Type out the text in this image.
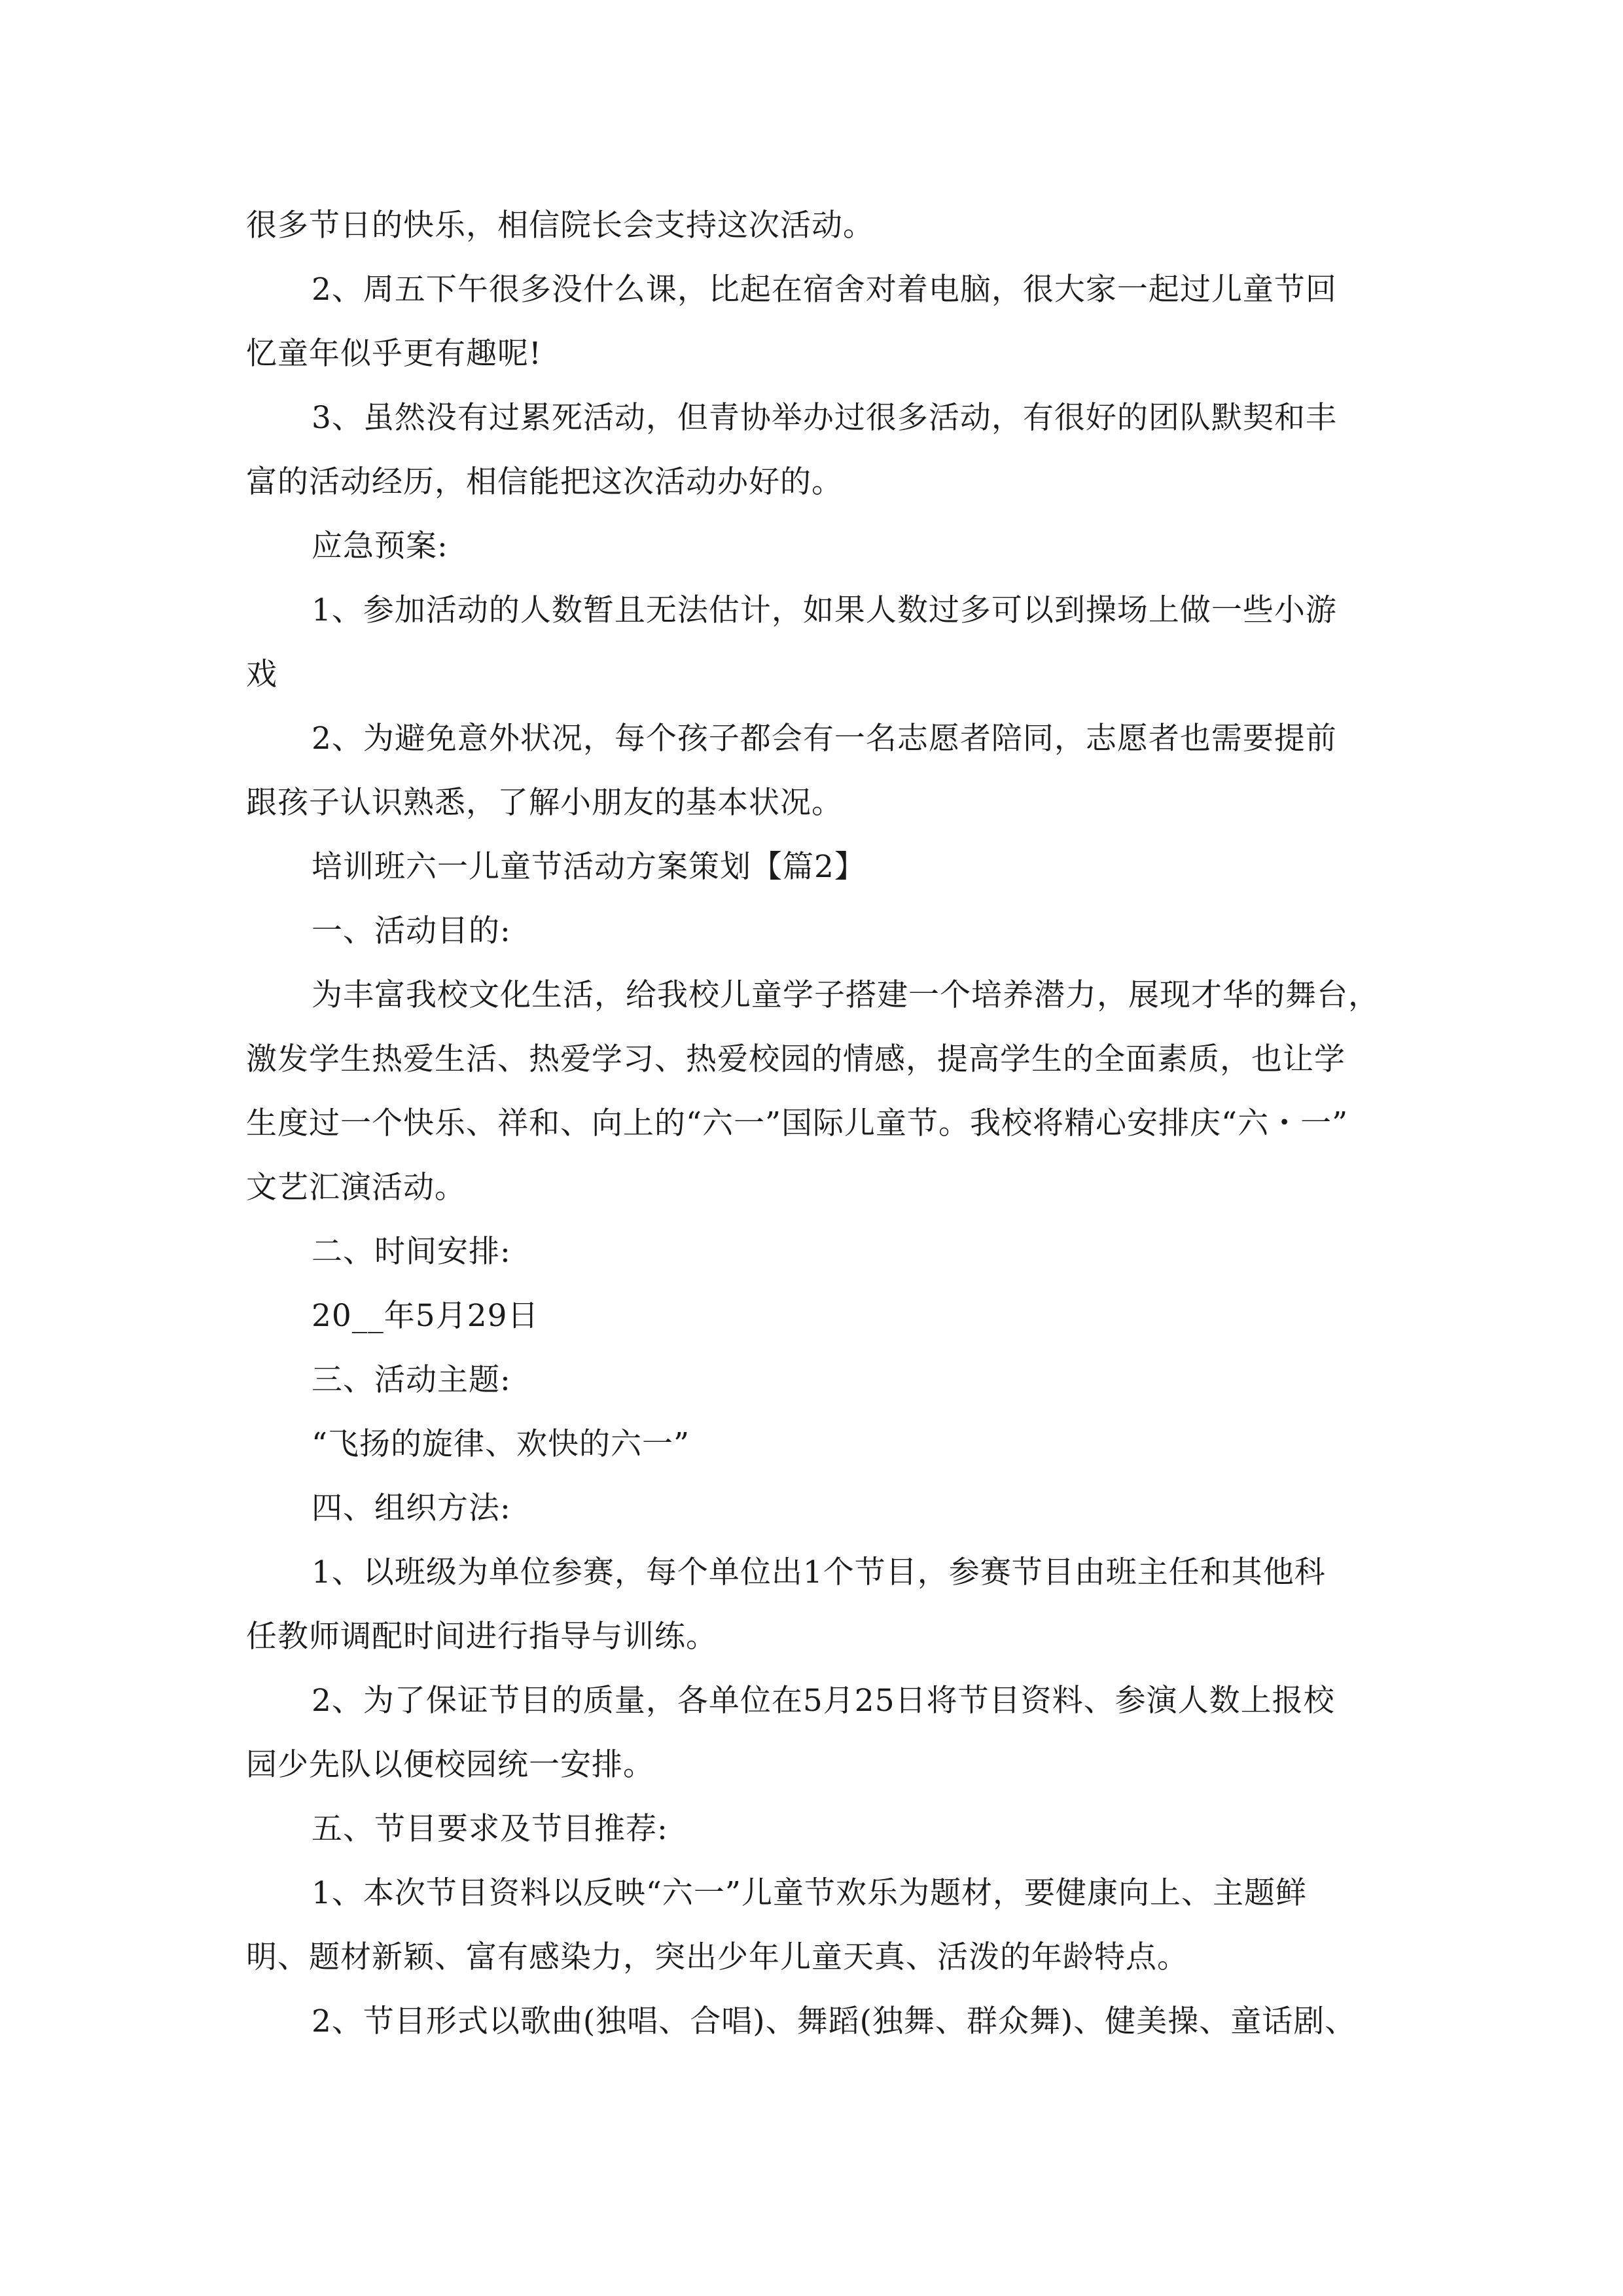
很多节日的快乐，相信院长会支持这次活动。
2、周五下午很多没什么课，比起在宿舍对着电脑，很大家一起过儿童节回
忆童年似乎更有趣呢!
3、虽然没有过累死活动，但青协举办过很多活动，有很好的团队默契和丰
富的活动经历，相信能把这次活动办好的。
应急预案:
1、参加活动的人数暂且无法估计，如果人数过多可以到操场上做一些小游
戏
2、为避免意外状况，每个孩子都会有一名志愿者陪同，志愿者也需要提前
跟孩子认识熟悉，了解小朋友的基本状况。
培训班六一儿童节活动方案策划【篇2】
一、活动目的:
为丰富我校文化生活，给我校儿童学子搭建一个培养潜力，展现才华的舞台，
激发学生热爱生活、热爱学习、热爱校园的情感，提高学生的全面素质，也让学
生度过一个快乐、祥和、向上的“六一”国际儿童节。我校将精心安排庆“六・一”
文艺汇演活动。
二、时间安排:
20__年5月29日
三、活动主题:
“飞扬的旋律、欢快的六一”
四、组织方法:
1、以班级为单位参赛，每个单位出1个节目，参赛节目由班主任和其他科
任教师调配时间进行指导与训练。
2、为了保证节目的质量，各单位在5月25日将节目资料、参演人数上报校
园少先队以便校园统一安排。
五、节目要求及节目推荐:
1、本次节目资料以反映“六一”儿童节欢乐为题材，要健康向上、主题鲜
明、题材新颖、富有感染力，突出少年儿童天真、活泼的年龄特点。
2、节目形式以歌曲(独唱、合唱)、舞蹈(独舞、群众舞)、健美操、童话剧、
